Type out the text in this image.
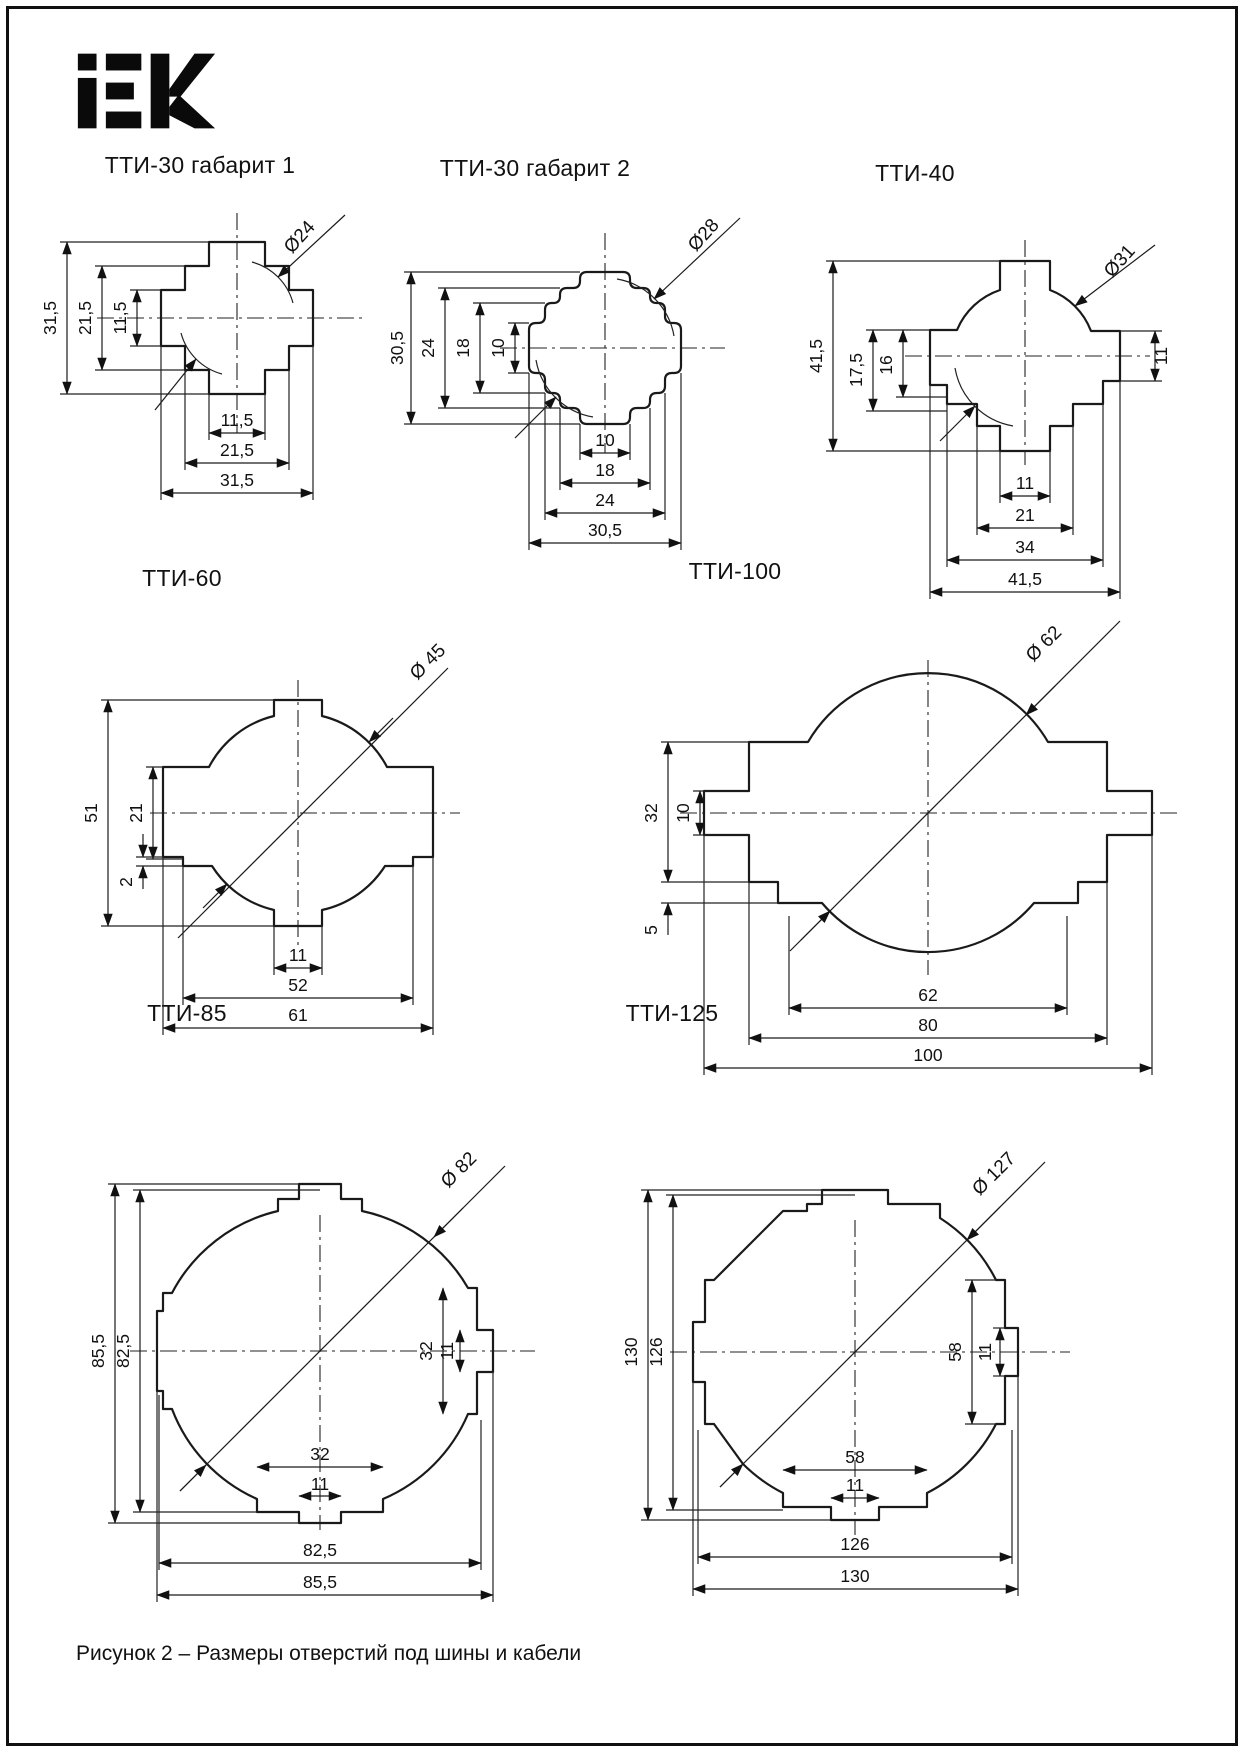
ТТИ-30 габарит 1	ТТИ-30 габарит 2	ТТИ-40
ТТИ-60	ТТИ-100
ТТИ-85	ТТИ-125
Ø24
31,5 21,5 11,5
11,5
21,5
31,5
Ø28
30,5 24 18 10
10
18
24
30,5
Ø31
41,5 17,5 16	11
11
21
34
41,5
Ø 45
51 21
2
11
52
61
Ø 62
32 10
5
62
80
100
Ø 82
85,5 82,5	32 11
32
11
82,5
85,5
Ø 127
130 126	58 11
58
11
126
130
Рисунок 2 – Размеры отверстий под шины и кабели
